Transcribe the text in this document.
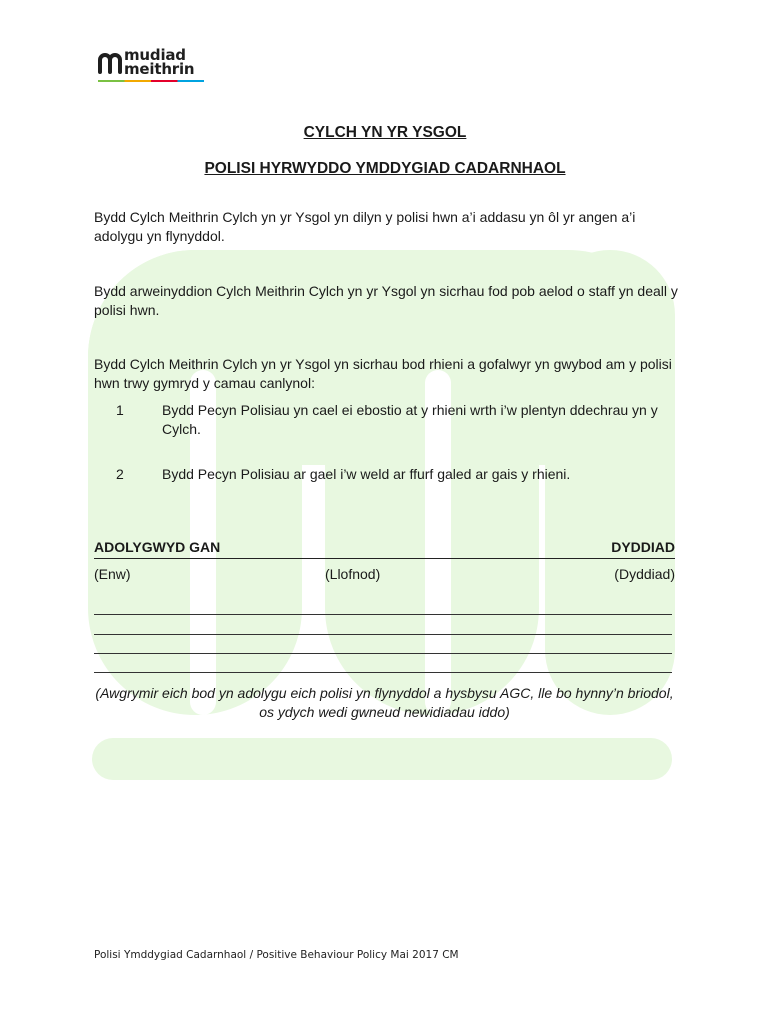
mudiad
meithrin
CYLCH YN YR YSGOL
POLISI HYRWYDDO YMDDYGIAD CADARNHAOL
Bydd Cylch Meithrin Cylch yn yr Ysgol yn dilyn y polisi hwn a’i addasu yn ôl yr angen a’i adolygu yn flynyddol.
Bydd arweinyddion Cylch Meithrin Cylch yn yr Ysgol yn sicrhau fod pob aelod o staff yn deall y polisi hwn.
Bydd Cylch Meithrin Cylch yn yr Ysgol yn sicrhau bod rhieni a gofalwyr yn gwybod am y polisi hwn trwy gymryd y camau canlynol:
1	Bydd Pecyn Polisiau yn cael ei ebostio at y rhieni wrth i’w plentyn ddechrau yn y Cylch.
2	Bydd Pecyn Polisiau ar gael i’w weld ar ffurf galed ar gais y rhieni.
ADOLYGWYD GAN	DYDDIAD
(Enw)	(Llofnod)	(Dyddiad)
(Awgrymir eich bod yn adolygu eich polisi yn flynyddol a hysbysu AGC, lle bo hynny’n briodol, os ydych wedi gwneud newidiadau iddo)
Polisi Ymddygiad Cadarnhaol / Positive Behaviour Policy Mai 2017 CM
